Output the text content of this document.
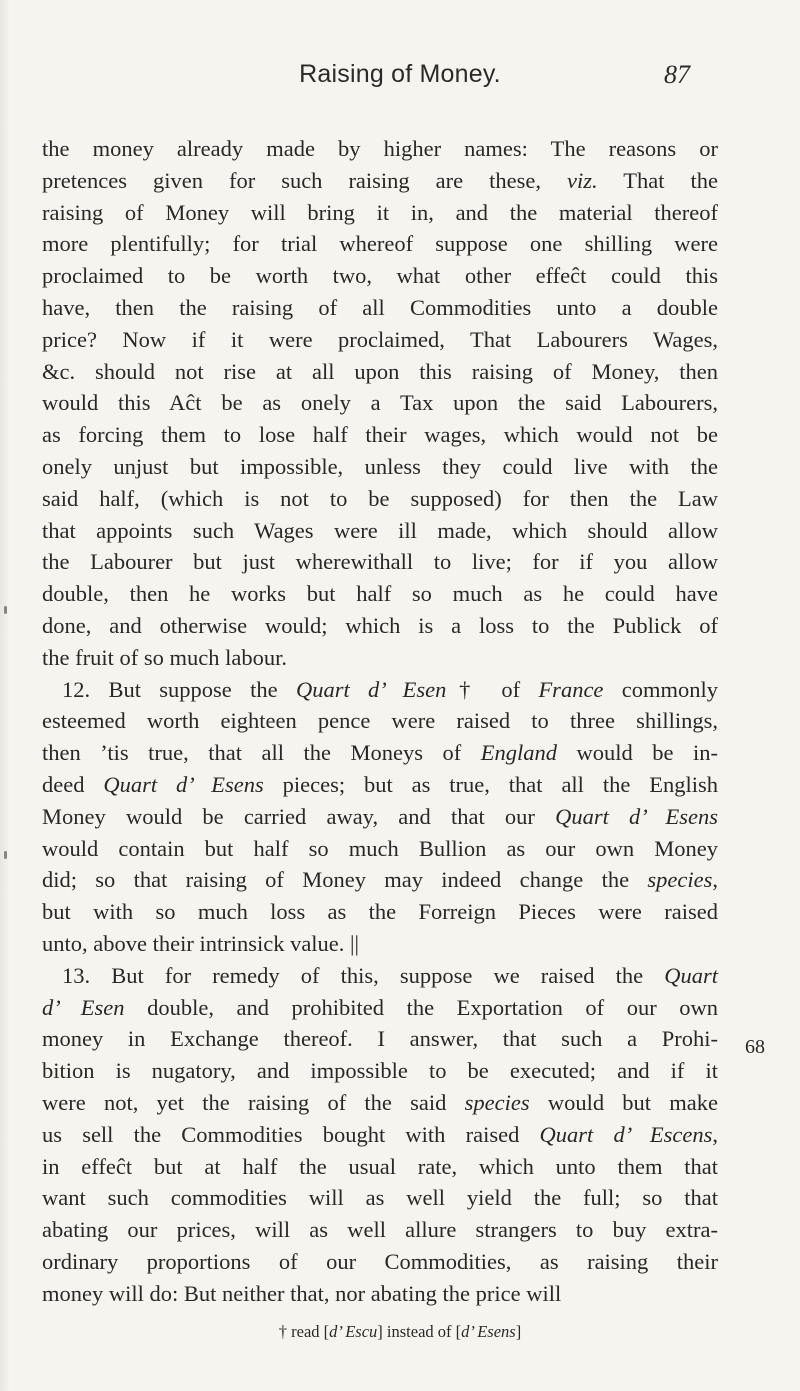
Raising of Money.	87
the money already made by higher names: The reasons or
pretences given for such raising are these, viz. That the
raising of Money will bring it in, and the material thereof
more plentifully; for trial whereof suppose one shilling were
proclaimed to be worth two, what other effeĉt could this
have, then the raising of all Commodities unto a double
price? Now if it were proclaimed, That Labourers Wages,
&c. should not rise at all upon this raising of Money, then
would this Aĉt be as onely a Tax upon the said Labourers,
as forcing them to lose half their wages, which would not be
onely unjust but impossible, unless they could live with the
said half, (which is not to be supposed) for then the Law
that appoints such Wages were ill made, which should allow
the Labourer but just wherewithall to live; for if you allow
double, then he works but half so much as he could have
done, and otherwise would; which is a loss to the Publick of
the fruit of so much labour.
12. But suppose the Quart d’ Esen† of France commonly
esteemed worth eighteen pence were raised to three shillings,
then ’tis true, that all the Moneys of England would be in-
deed Quart d’ Esens pieces; but as true, that all the English
Money would be carried away, and that our Quart d’ Esens
would contain but half so much Bullion as our own Money
did; so that raising of Money may indeed change the species,
but with so much loss as the Forreign Pieces were raised
unto, above their intrinsick value. ||
13. But for remedy of this, suppose we raised the Quart
d’ Esen double, and prohibited the Exportation of our own
money in Exchange thereof. I answer, that such a Prohi-
bition is nugatory, and impossible to be executed; and if it
were not, yet the raising of the said species would but make
us sell the Commodities bought with raised Quart d’ Escens,
in effeĉt but at half the usual rate, which unto them that
want such commodities will as well yield the full; so that
abating our prices, will as well allure strangers to buy extra-
ordinary proportions of our Commodities, as raising their
money will do: But neither that, nor abating the price will
68
† read [d’ Escu] instead of [d’ Esens]
